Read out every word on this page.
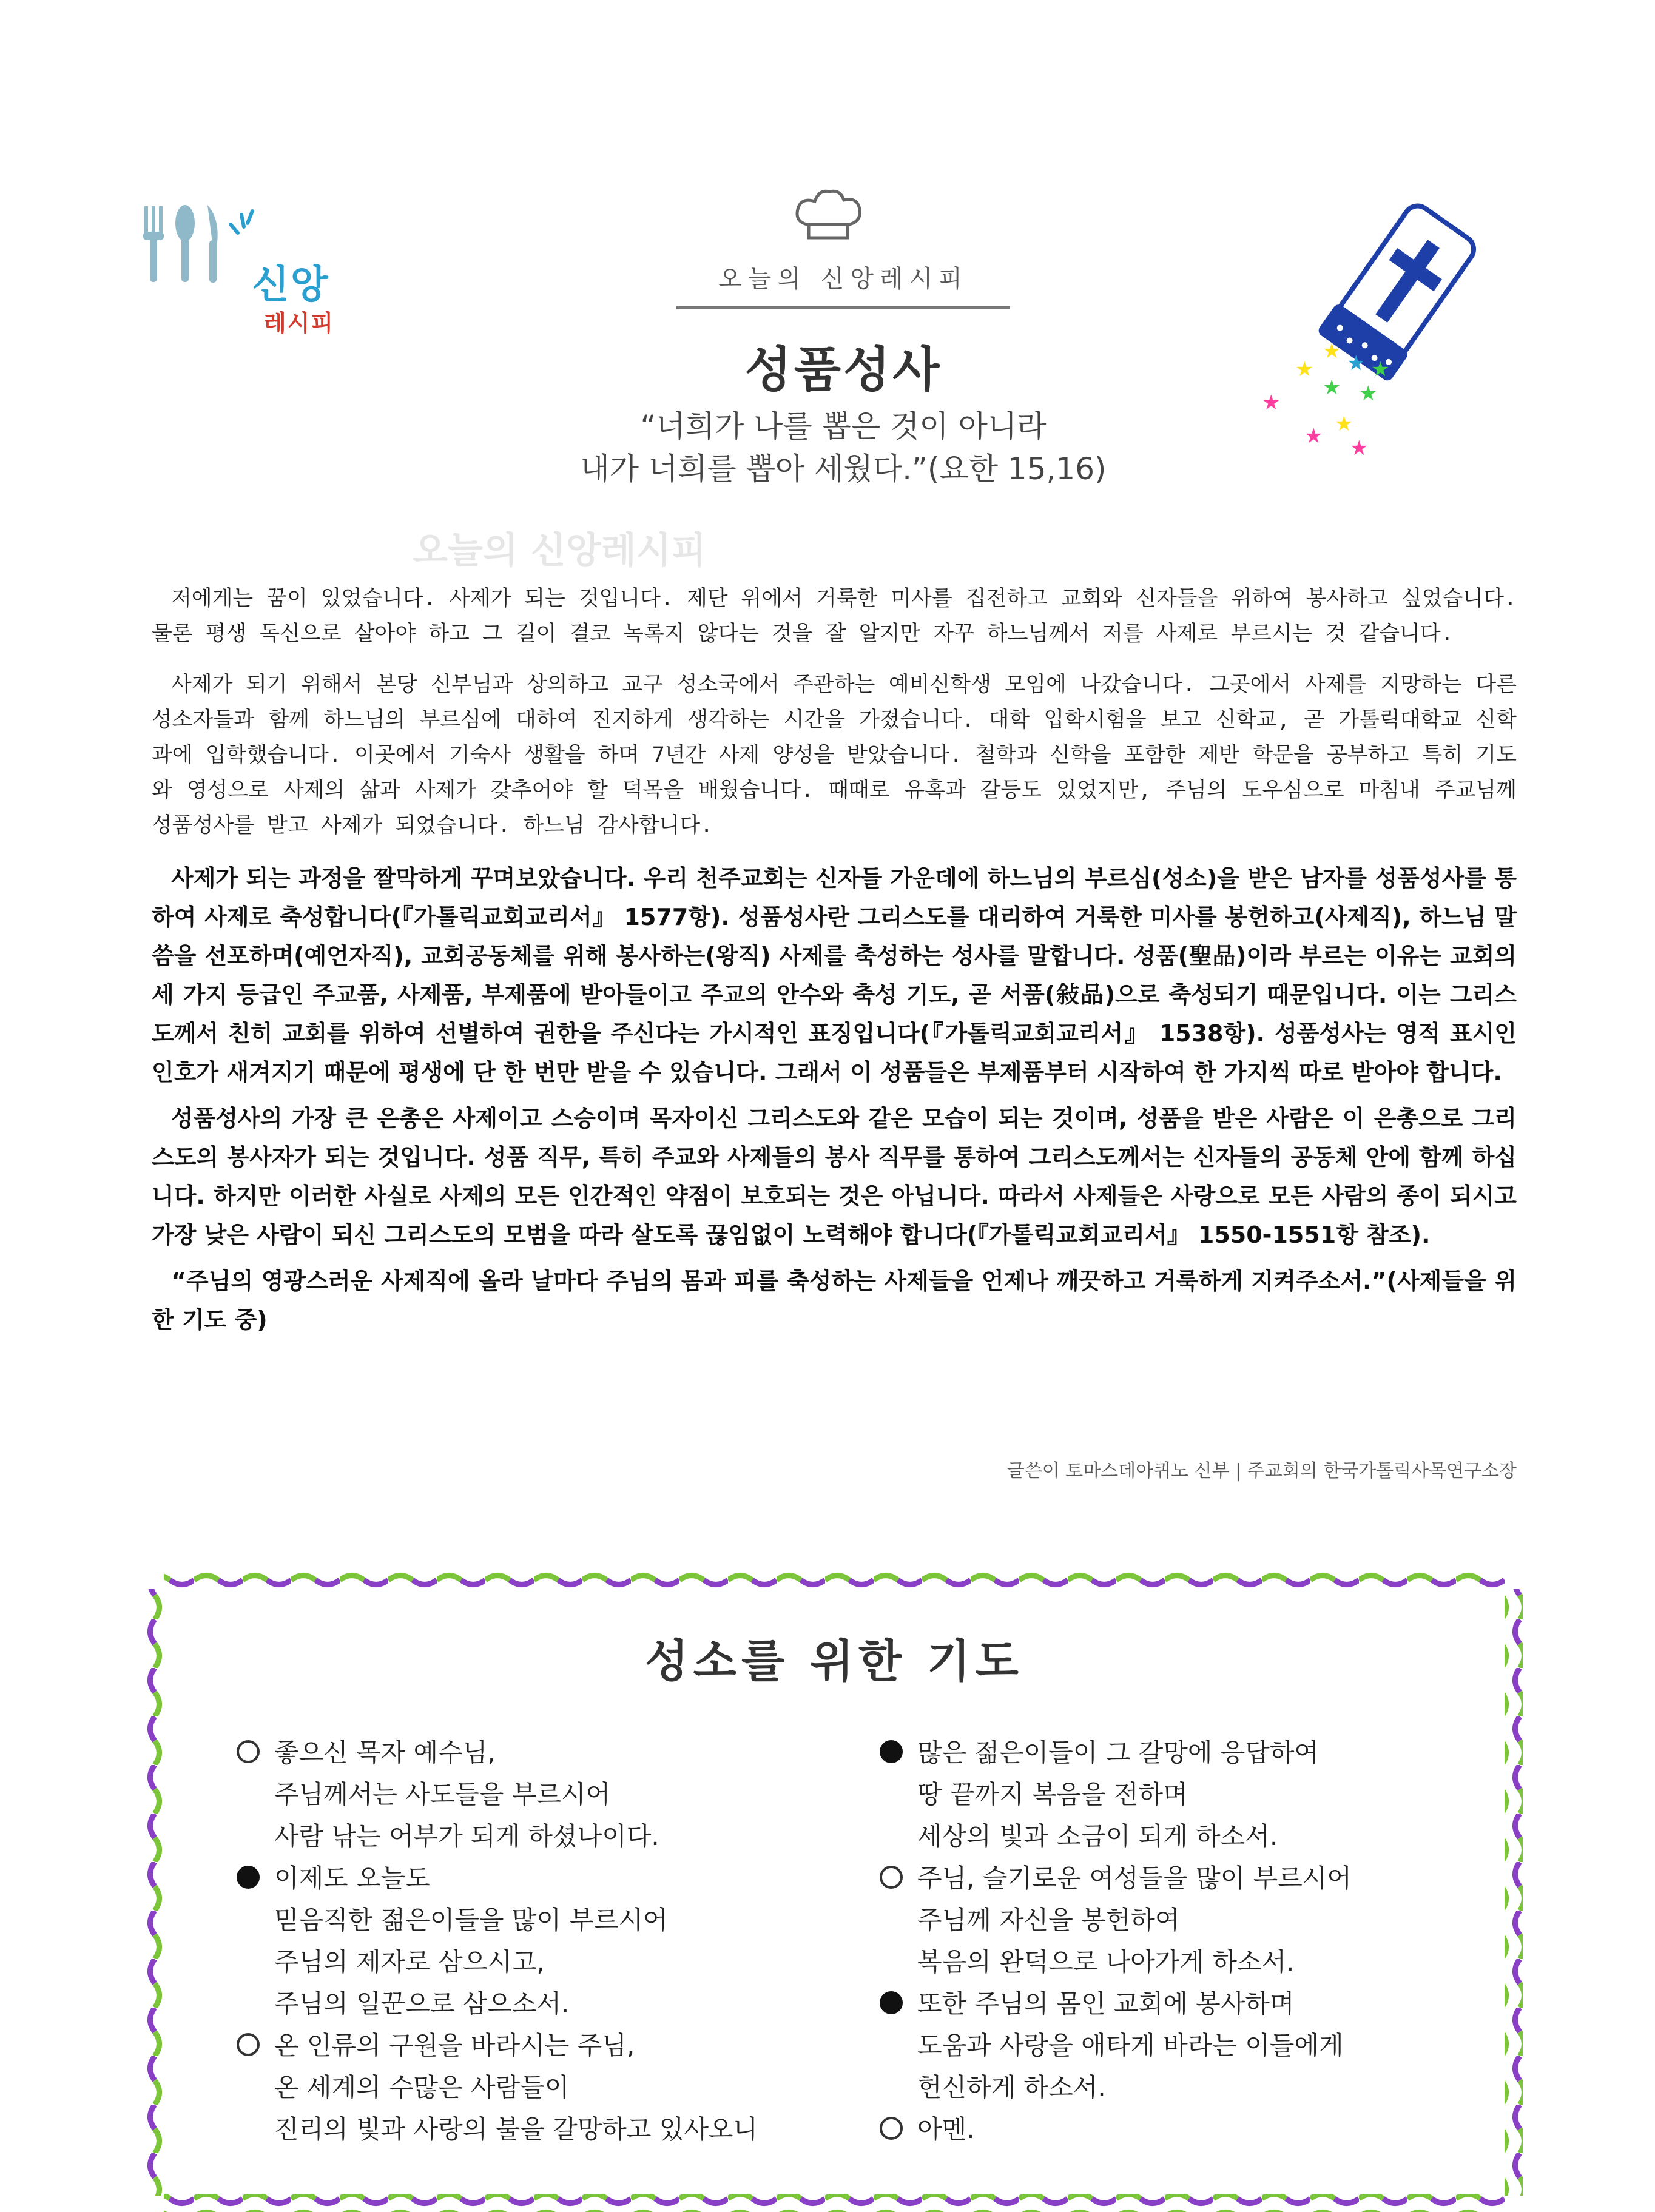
신앙
레시피
오늘의 신앙레시피
성품성사
“너희가 나를 뽑은 것이 아니라
내가 너희를 뽑아 세웠다.”(요한 15,16)
오늘의 신앙레시피
★
★
★
★
★ ★
★
★ ★
★

저에게는 꿈이 있었습니다. 사제가 되는 것입니다. 제단 위에서 거룩한 미사를 집전하고 교회와 신자들을 위하여 봉사하고 싶었습니다. 물론 평생 독신으로 살아야 하고 그 길이 결코 녹록지 않다는 것을 잘 알지만 자꾸 하느님께서 저를 사제로 부르시는 것 같습니다.

사제가 되기 위해서 본당 신부님과 상의하고 교구 성소국에서 주관하는 예비신학생 모임에 나갔습니다. 그곳에서 사제를 지망하는 다른 성소자들과 함께 하느님의 부르심에 대하여 진지하게 생각하는 시간을 가졌습니다. 대학 입학시험을 보고 신학교, 곧 가톨릭대학교 신학과에 입학했습니다. 이곳에서 기숙사 생활을 하며 7년간 사제 양성을 받았습니다. 철학과 신학을 포함한 제반 학문을 공부하고 특히 기도와 영성으로 사제의 삶과 사제가 갖추어야 할 덕목을 배웠습니다. 때때로 유혹과 갈등도 있었지만, 주님의 도우심으로 마침내 주교님께 성품성사를 받고 사제가 되었습니다. 하느님 감사합니다.

사제가 되는 과정을 짤막하게 꾸며보았습니다. 우리 천주교회는 신자들 가운데에 하느님의 부르심(성소)을 받은 남자를 성품성사를 통하여 사제로 축성합니다(『가톨릭교회교리서』 1577항). 성품성사란 그리스도를 대리하여 거룩한 미사를 봉헌하고(사제직), 하느님 말씀을 선포하며(예언자직), 교회공동체를 위해 봉사하는(왕직) 사제를 축성하는 성사를 말합니다. 성품(聖品)이라 부르는 이유는 교회의 세 가지 등급인 주교품, 사제품, 부제품에 받아들이고 주교의 안수와 축성 기도, 곧 서품(敍品)으로 축성되기 때문입니다. 이는 그리스도께서 친히 교회를 위하여 선별하여 권한을 주신다는 가시적인 표징입니다(『가톨릭교회교리서』 1538항). 성품성사는 영적 표시인 인호가 새겨지기 때문에 평생에 단 한 번만 받을 수 있습니다. 그래서 이 성품들은 부제품부터 시작하여 한 가지씩 따로 받아야 합니다.

성품성사의 가장 큰 은총은 사제이고 스승이며 목자이신 그리스도와 같은 모습이 되는 것이며, 성품을 받은 사람은 이 은총으로 그리스도의 봉사자가 되는 것입니다. 성품 직무, 특히 주교와 사제들의 봉사 직무를 통하여 그리스도께서는 신자들의 공동체 안에 함께 하십니다. 하지만 이러한 사실로 사제의 모든 인간적인 약점이 보호되는 것은 아닙니다. 따라서 사제들은 사랑으로 모든 사람의 종이 되시고 가장 낮은 사람이 되신 그리스도의 모범을 따라 살도록 끊임없이 노력해야 합니다(『가톨릭교회교리서』 1550-1551항 참조).

“주님의 영광스러운 사제직에 올라 날마다 주님의 몸과 피를 축성하는 사제들을 언제나 깨끗하고 거룩하게 지켜주소서.”(사제들을 위한 기도 중)

글쓴이 토마스데아퀴노 신부 | 주교회의 한국가톨릭사목연구소장
성소를 위한 기도
좋으신 목자 예수님,
주님께서는 사도들을 부르시어
사람 낚는 어부가 되게 하셨나이다.
이제도 오늘도
믿음직한 젊은이들을 많이 부르시어
주님의 제자로 삼으시고,
주님의 일꾼으로 삼으소서.
온 인류의 구원을 바라시는 주님,
온 세계의 수많은 사람들이
진리의 빛과 사랑의 불을 갈망하고 있사오니
많은 젊은이들이 그 갈망에 응답하여
땅 끝까지 복음을 전하며
세상의 빛과 소금이 되게 하소서.
주님, 슬기로운 여성들을 많이 부르시어
주님께 자신을 봉헌하여
복음의 완덕으로 나아가게 하소서.
또한 주님의 몸인 교회에 봉사하며
도움과 사랑을 애타게 바라는 이들에게
헌신하게 하소서.
아멘.
